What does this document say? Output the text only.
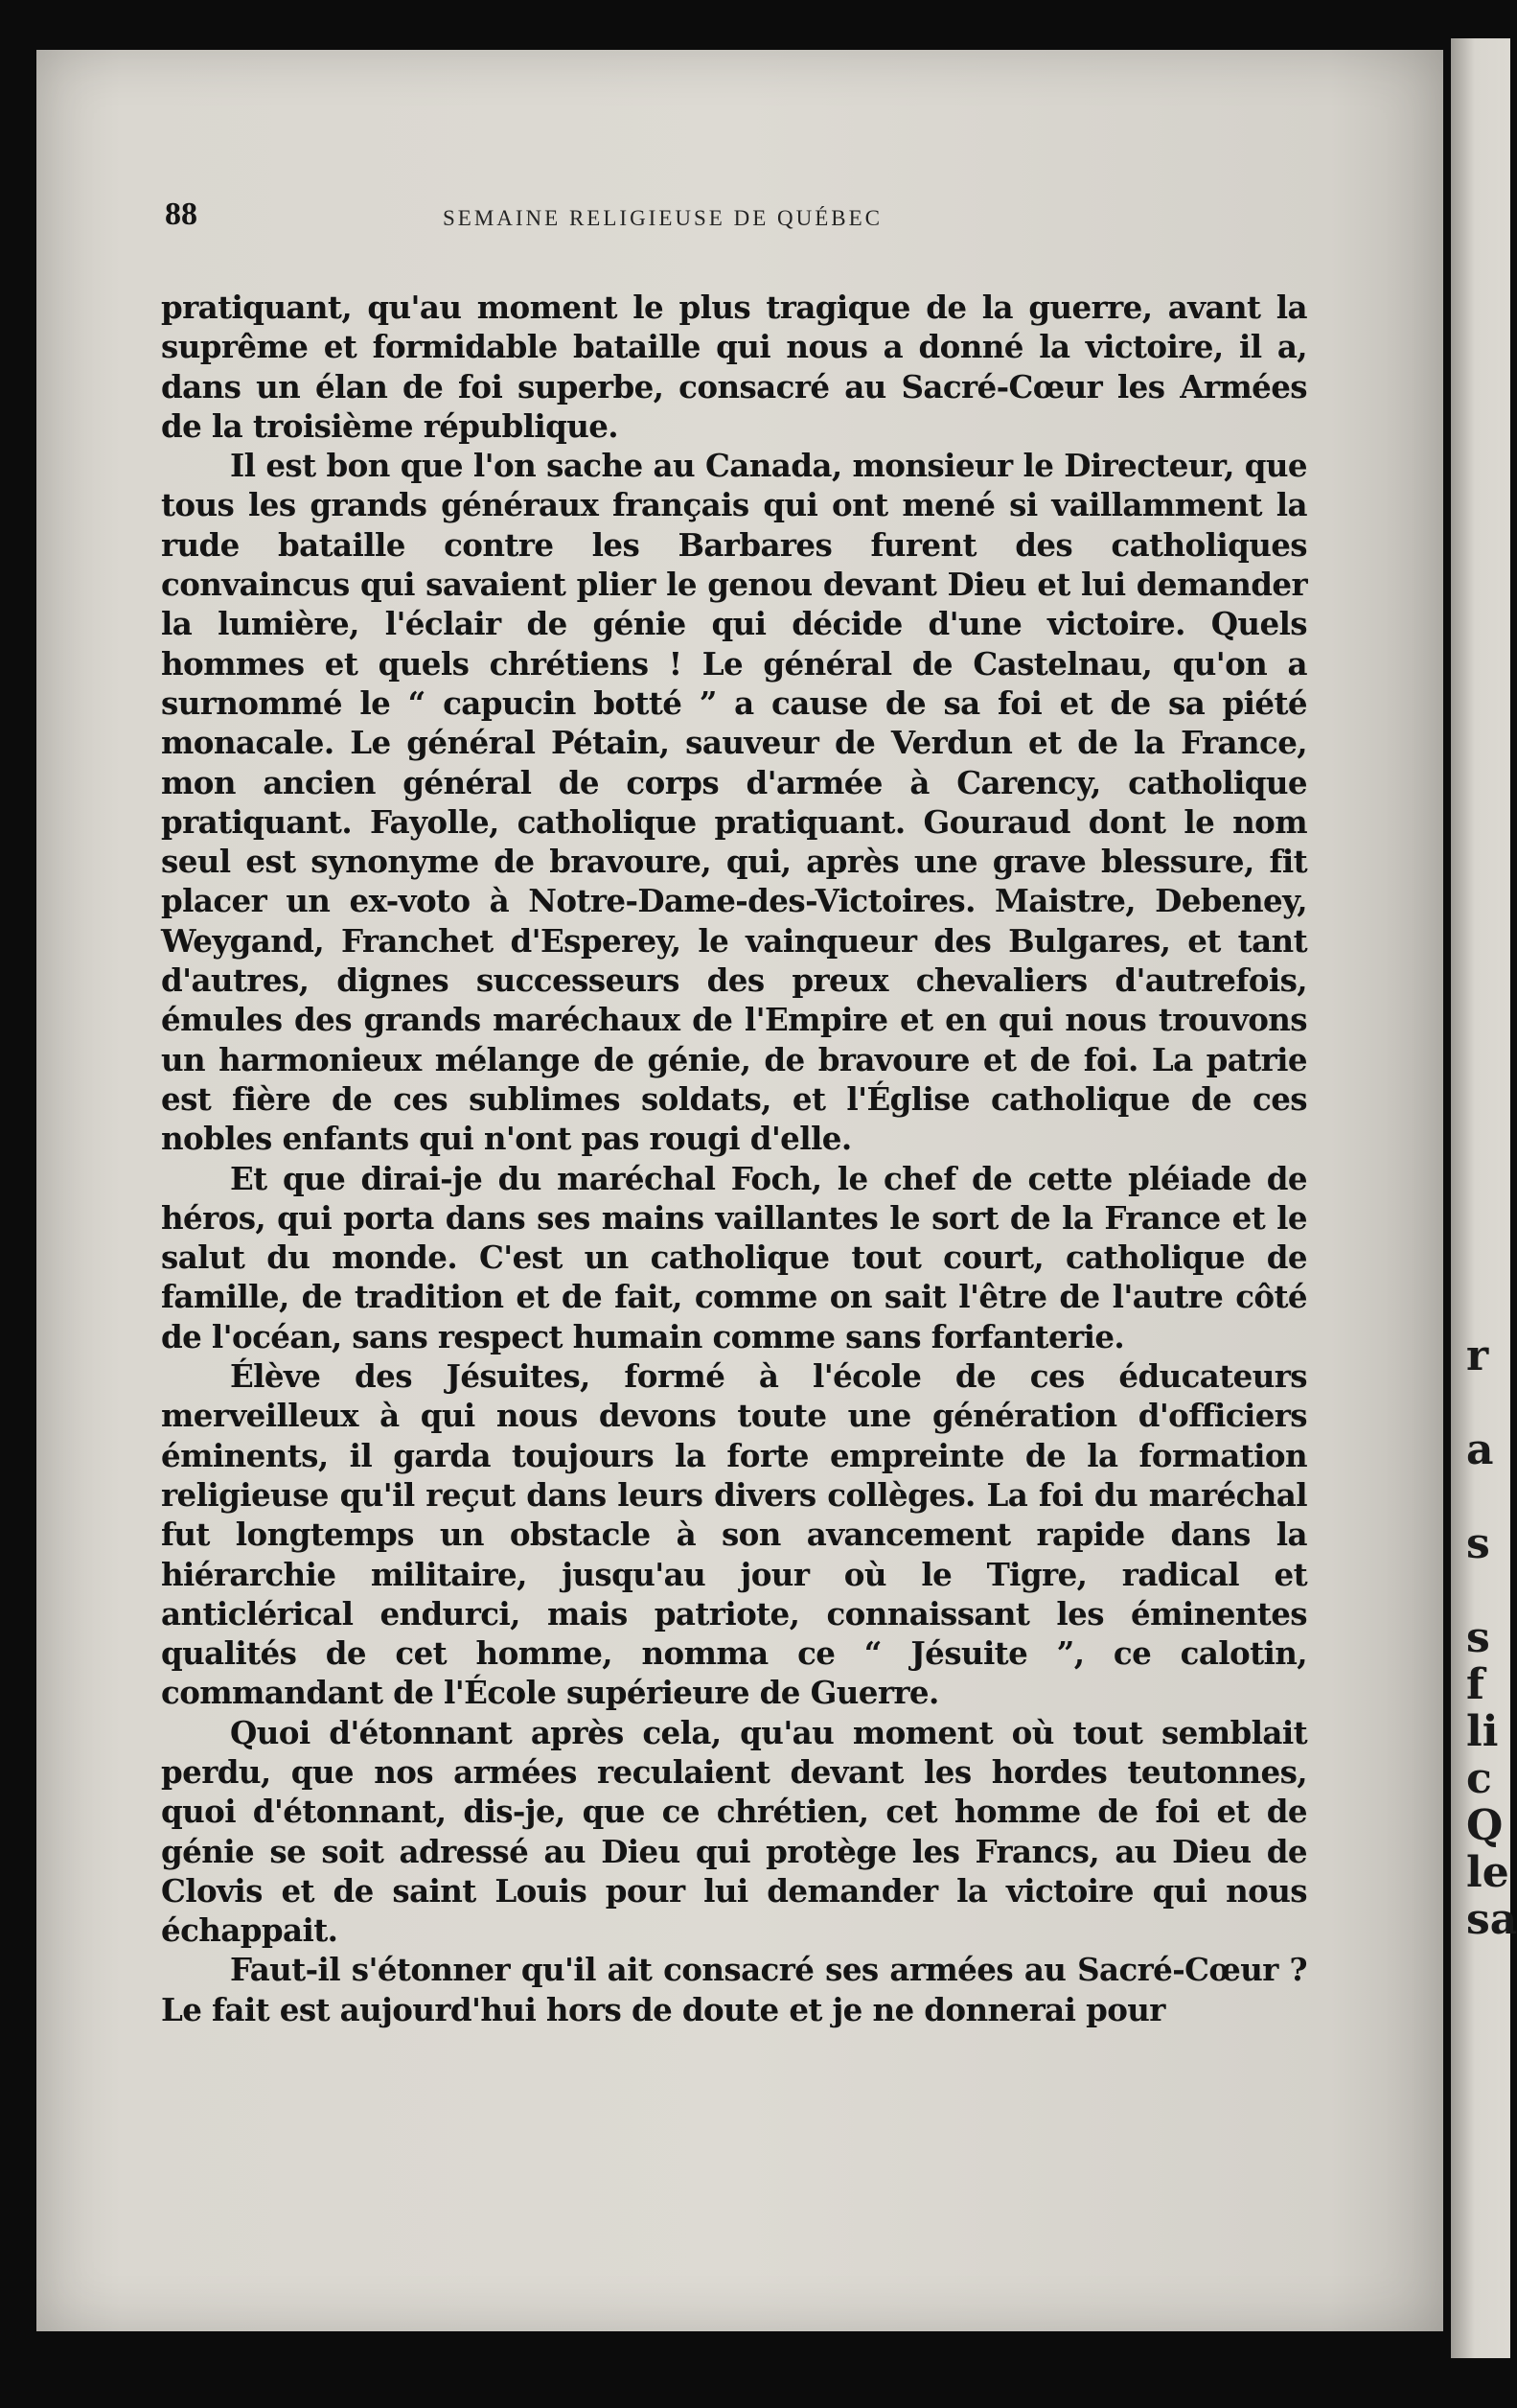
r
a
s
s
f
li
c
Q
le
sa
88	SEMAINE RELIGIEUSE DE QUÉBEC

pratiquant, qu'au moment le plus tragique de la guerre, avant la suprême et formidable bataille qui nous a donné la victoire, il a, dans un élan de foi superbe, consacré au Sacré-Cœur les Armées de la troisième république.

Il est bon que l'on sache au Canada, monsieur le Directeur, que tous les grands généraux français qui ont mené si vaillamment la rude bataille contre les Barbares furent des catholiques convaincus qui savaient plier le genou devant Dieu et lui demander la lumière, l'éclair de génie qui décide d'une victoire. Quels hommes et quels chrétiens ! Le général de Castelnau, qu'on a surnommé le “ capucin botté ” a cause de sa foi et de sa piété monacale. Le général Pétain, sauveur de Verdun et de la France, mon ancien général de corps d'armée à Carency, catholique pratiquant. Fayolle, catholique pratiquant. Gouraud dont le nom seul est synonyme de bravoure, qui, après une grave blessure, fit placer un ex-voto à Notre-Dame-des-Victoires. Maistre, Debeney, Weygand, Franchet d'Esperey, le vainqueur des Bulgares, et tant d'autres, dignes successeurs des preux chevaliers d'autrefois, émules des grands maréchaux de l'Empire et en qui nous trouvons un harmonieux mélange de génie, de bravoure et de foi. La patrie est fière de ces sublimes soldats, et l'Église catholique de ces nobles enfants qui n'ont pas rougi d'elle.

Et que dirai-je du maréchal Foch, le chef de cette pléiade de héros, qui porta dans ses mains vaillantes le sort de la France et le salut du monde. C'est un catholique tout court, catholique de famille, de tradition et de fait, comme on sait l'être de l'autre côté de l'océan, sans respect humain comme sans forfanterie.

Élève des Jésuites, formé à l'école de ces éducateurs merveilleux à qui nous devons toute une génération d'officiers éminents, il garda toujours la forte empreinte de la formation religieuse qu'il reçut dans leurs divers collèges. La foi du maréchal fut longtemps un obstacle à son avancement rapide dans la hiérarchie militaire, jusqu'au jour où le Tigre, radical et anticlérical endurci, mais patriote, connaissant les éminentes qualités de cet homme, nomma ce “ Jésuite ”, ce calotin, commandant de l'École supérieure de Guerre.

Quoi d'étonnant après cela, qu'au moment où tout semblait perdu, que nos armées reculaient devant les hordes teutonnes, quoi d'étonnant, dis-je, que ce chrétien, cet homme de foi et de génie se soit adressé au Dieu qui protège les Francs, au Dieu de Clovis et de saint Louis pour lui demander la victoire qui nous échappait.

Faut-il s'étonner qu'il ait consacré ses armées au Sacré-Cœur ? Le fait est aujourd'hui hors de doute et je ne donnerai pour
